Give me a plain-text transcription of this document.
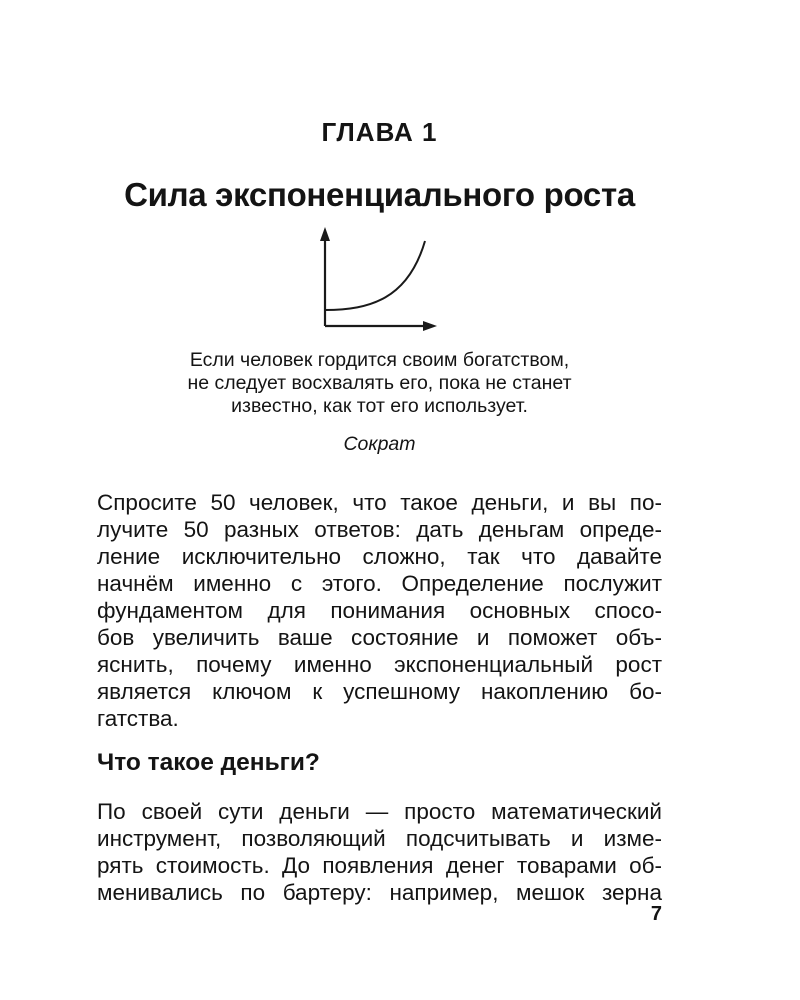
ГЛАВА 1
Сила экспоненциального роста
Если человек гордится своим богатством,
не следует восхвалять его, пока не станет
известно, как тот его использует.
Сократ
Спросите 50 человек, что такое деньги, и вы по-
лучите 50 разных ответов: дать деньгам опреде-
ление исключительно сложно, так что давайте
начнём именно с этого. Определение послужит
фундаментом для понимания основных спосо-
бов увеличить ваше состояние и поможет объ-
яснить, почему именно экспоненциальный рост
является ключом к успешному накоплению бо-
гатства.
Что такое деньги?
По своей сути деньги — просто математический
инструмент, позволяющий подсчитывать и изме-
рять стоимость. До появления денег товарами об-
менивались по бартеру: например, мешок зерна
7
